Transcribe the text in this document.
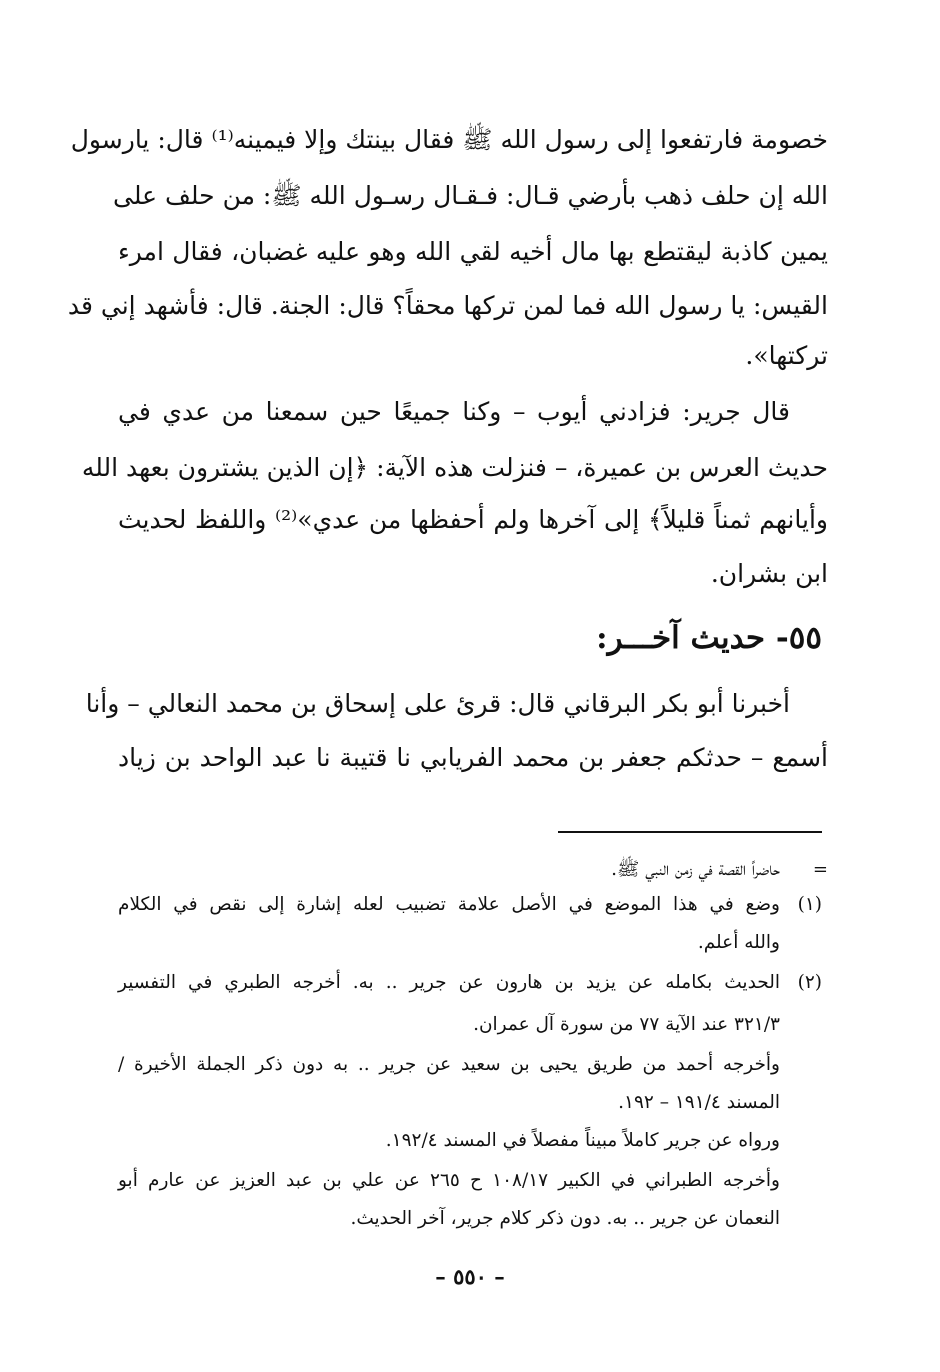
خصومة فارتفعوا إلى رسول الله ﷺ فقال بينتك وإلا فيمينه⁽¹⁾ قال: يارسول
الله إن حلف ذهب بأرضي قـال: فـقـال رسـول الله ﷺ: من حلف على
يمين كاذبة ليقتطع بها مال أخيه لقي الله وهو عليه غضبان، فقال امرء
القيس: يا رسول الله فما لمن تركها محقاً؟ قال: الجنة. قال: فأشهد إني قد
تركتها».
قال جرير: فزادني أيوب – وكنا جميعًا حين سمعنا من عدي في
حديث العرس بن عميرة، – فنزلت هذه الآية: ﴿إن الذين يشترون بعهد الله
وأيانهم ثمناً قليلاً﴾ إلى آخرها ولم أحفظها من عدي»⁽²⁾ واللفظ لحديث
ابن بشران.
٥٥- حديث آخـــر:
أخبرنا أبو بكر البرقاني قال: قرئ على إسحاق بن محمد النعالي – وأنا
أسمع – حدثكم جعفر بن محمد الفريابي نا قتيبة نا عبد الواحد بن زياد
=
حاضراً القصة في زمن النبي ﷺ.
(١)
وضع في هذا الموضع في الأصل علامة تضبيب لعله إشارة إلى نقص في الكلام
والله أعلم.
(٢)
الحديث بكامله عن يزيد بن هارون عن جرير .. به. أخرجه الطبري في التفسير
٣٢١/٣ عند الآية ٧٧ من سورة آل عمران.
وأخرجه أحمد من طريق يحيى بن سعيد عن جرير .. به دون ذكر الجملة الأخيرة /
المسند ١٩١/٤ – ١٩٢.
ورواه عن جرير كاملاً مبيناً مفصلاً في المسند ١٩٢/٤.
وأخرجه الطبراني في الكبير ١٠٨/١٧ ح ٢٦٥ عن علي بن عبد العزيز عن عارم أبو
النعمان عن جرير .. به. دون ذكر كلام جرير، آخر الحديث.
– ٥٥٠ –
